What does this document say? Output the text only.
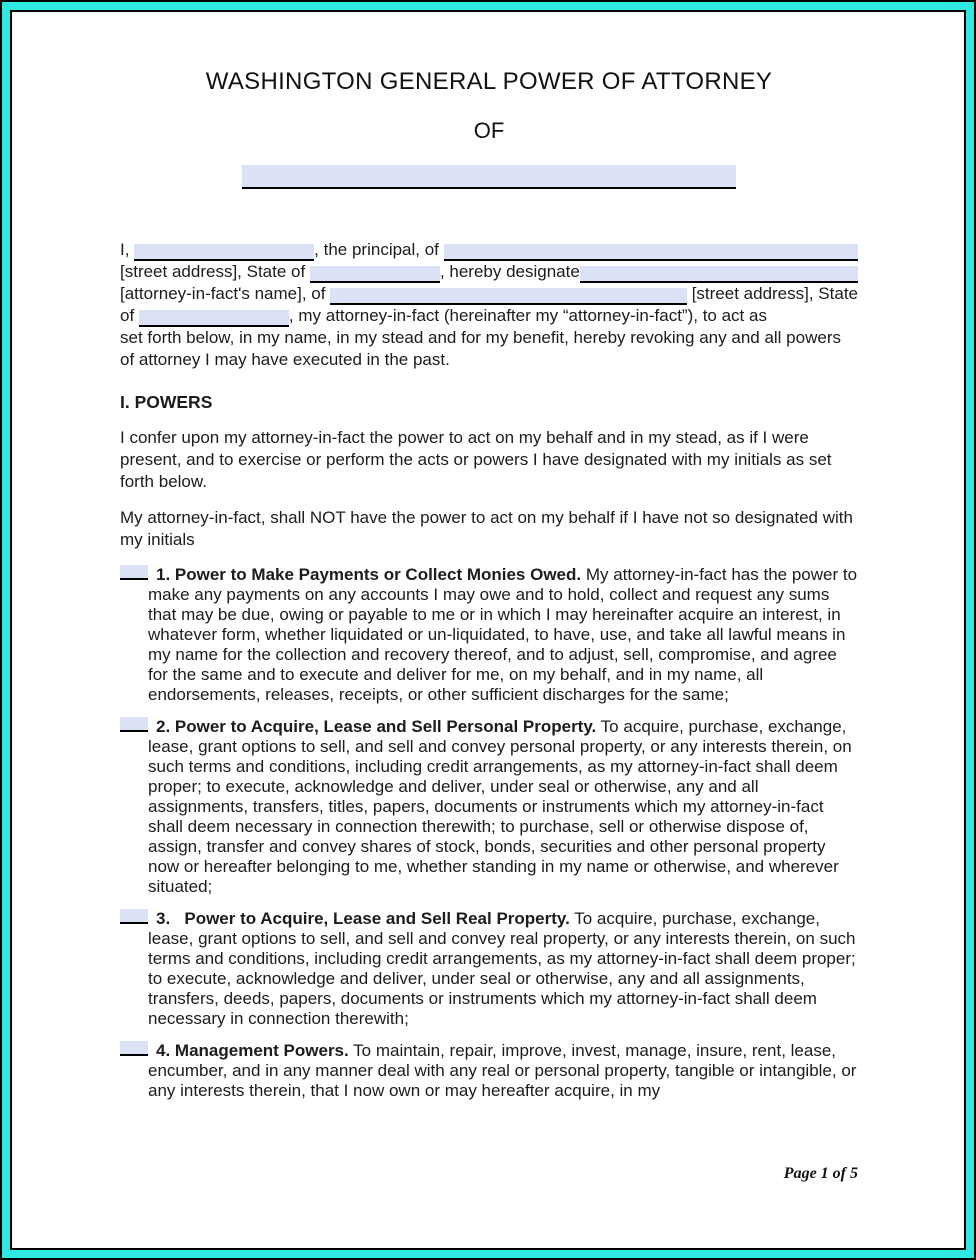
WASHINGTON GENERAL POWER OF ATTORNEY
OF
I,	, the principal, of
[street address], State of	, hereby designate
[attorney-in-fact's name], of	[street address], State
of	, my attorney-in-fact (hereinafter my “attorney-in-fact”), to act as
set forth below, in my name, in my stead and for my benefit, hereby revoking any and all powers of attorney I may have executed in the past.
I. POWERS
I confer upon my attorney-in-fact the power to act on my behalf and in my stead, as if I were present, and to exercise or perform the acts or powers I have designated with my initials as set forth below.
My attorney-in-fact, shall NOT have the power to act on my behalf if I have not so designated with my initials
1. Power to Make Payments or Collect Monies Owed. My attorney-in-fact has the power to make any payments on any accounts I may owe and to hold, collect and request any sums that may be due, owing or payable to me or in which I may hereinafter acquire an interest, in whatever form, whether liquidated or un-liquidated, to have, use, and take all lawful means in my name for the collection and recovery thereof, and to adjust, sell, compromise, and agree for the same and to execute and deliver for me, on my behalf, and in my name, all endorsements, releases, receipts, or other sufficient discharges for the same;
2. Power to Acquire, Lease and Sell Personal Property. To acquire, purchase, exchange, lease, grant options to sell, and sell and convey personal property, or any interests therein, on such terms and conditions, including credit arrangements, as my attorney-in-fact shall deem proper; to execute, acknowledge and deliver, under seal or otherwise, any and all assignments, transfers, titles, papers, documents or instruments which my attorney-in-fact shall deem necessary in connection therewith; to purchase, sell or otherwise dispose of, assign, transfer and convey shares of stock, bonds, securities and other personal property now or hereafter belonging to me, whether standing in my name or otherwise, and wherever situated;
3.   Power to Acquire, Lease and Sell Real Property. To acquire, purchase, exchange, lease, grant options to sell, and sell and convey real property, or any interests therein, on such terms and conditions, including credit arrangements, as my attorney-in-fact shall deem proper; to execute, acknowledge and deliver, under seal or otherwise, any and all assignments, transfers, deeds, papers, documents or instruments which my attorney-in-fact shall deem necessary in connection therewith;
4. Management Powers. To maintain, repair, improve, invest, manage, insure, rent, lease, encumber, and in any manner deal with any real or personal property, tangible or intangible, or any interests therein, that I now own or may hereafter acquire, in my
Page 1 of 5
